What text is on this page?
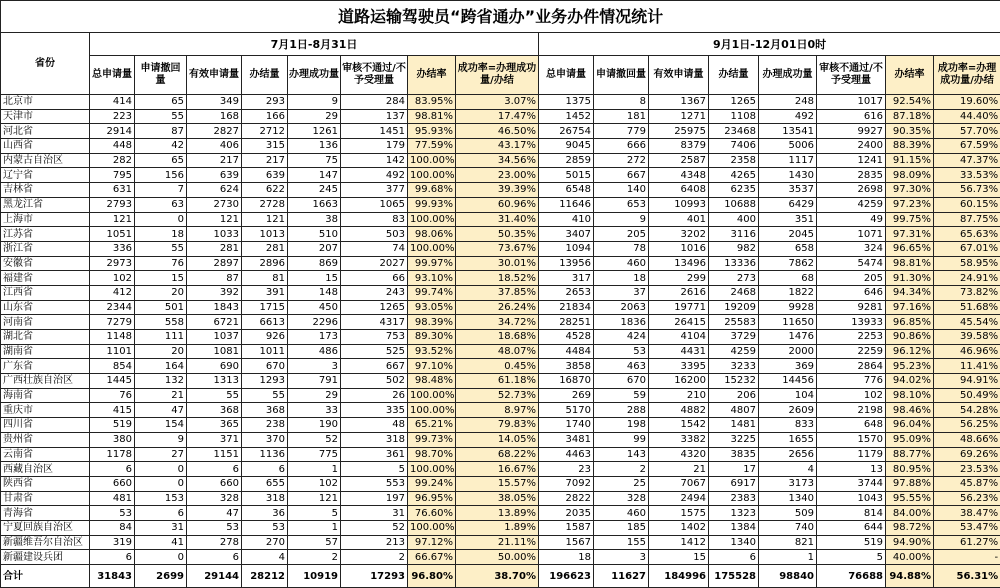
道路运输驾驶员“跨省通办”业务办件情况统计																
省份	7月1日-8月31日								9月1日-12月01日0时							
	总申请量	申请撤回量	有效申请量	办结量	办理成功量	审核不通过/不予受理量	办结率	成功率=办理成功量/办结	总申请量	申请撤回量	有效申请量	办结量	办理成功量	审核不通过/不予受理量	办结率	成功率=办理成功量/办结
北京市	414	65	349	293	9	284	83.95%	3.07%	1375	8	1367	1265	248	1017	92.54%	19.60%
天津市	223	55	168	166	29	137	98.81%	17.47%	1452	181	1271	1108	492	616	87.18%	44.40%
河北省	2914	87	2827	2712	1261	1451	95.93%	46.50%	26754	779	25975	23468	13541	9927	90.35%	57.70%
山西省	448	42	406	315	136	179	77.59%	43.17%	9045	666	8379	7406	5006	2400	88.39%	67.59%
内蒙古自治区	282	65	217	217	75	142	100.00%	34.56%	2859	272	2587	2358	1117	1241	91.15%	47.37%
辽宁省	795	156	639	639	147	492	100.00%	23.00%	5015	667	4348	4265	1430	2835	98.09%	33.53%
吉林省	631	7	624	622	245	377	99.68%	39.39%	6548	140	6408	6235	3537	2698	97.30%	56.73%
黑龙江省	2793	63	2730	2728	1663	1065	99.93%	60.96%	11646	653	10993	10688	6429	4259	97.23%	60.15%
上海市	121	0	121	121	38	83	100.00%	31.40%	410	9	401	400	351	49	99.75%	87.75%
江苏省	1051	18	1033	1013	510	503	98.06%	50.35%	3407	205	3202	3116	2045	1071	97.31%	65.63%
浙江省	336	55	281	281	207	74	100.00%	73.67%	1094	78	1016	982	658	324	96.65%	67.01%
安徽省	2973	76	2897	2896	869	2027	99.97%	30.01%	13956	460	13496	13336	7862	5474	98.81%	58.95%
福建省	102	15	87	81	15	66	93.10%	18.52%	317	18	299	273	68	205	91.30%	24.91%
江西省	412	20	392	391	148	243	99.74%	37.85%	2653	37	2616	2468	1822	646	94.34%	73.82%
山东省	2344	501	1843	1715	450	1265	93.05%	26.24%	21834	2063	19771	19209	9928	9281	97.16%	51.68%
河南省	7279	558	6721	6613	2296	4317	98.39%	34.72%	28251	1836	26415	25583	11650	13933	96.85%	45.54%
湖北省	1148	111	1037	926	173	753	89.30%	18.68%	4528	424	4104	3729	1476	2253	90.86%	39.58%
湖南省	1101	20	1081	1011	486	525	93.52%	48.07%	4484	53	4431	4259	2000	2259	96.12%	46.96%
广东省	854	164	690	670	3	667	97.10%	0.45%	3858	463	3395	3233	369	2864	95.23%	11.41%
广西壮族自治区	1445	132	1313	1293	791	502	98.48%	61.18%	16870	670	16200	15232	14456	776	94.02%	94.91%
海南省	76	21	55	55	29	26	100.00%	52.73%	269	59	210	206	104	102	98.10%	50.49%
重庆市	415	47	368	368	33	335	100.00%	8.97%	5170	288	4882	4807	2609	2198	98.46%	54.28%
四川省	519	154	365	238	190	48	65.21%	79.83%	1740	198	1542	1481	833	648	96.04%	56.25%
贵州省	380	9	371	370	52	318	99.73%	14.05%	3481	99	3382	3225	1655	1570	95.09%	48.66%
云南省	1178	27	1151	1136	775	361	98.70%	68.22%	4463	143	4320	3835	2656	1179	88.77%	69.26%
西藏自治区	6	0	6	6	1	5	100.00%	16.67%	23	2	21	17	4	13	80.95%	23.53%
陕西省	660	0	660	655	102	553	99.24%	15.57%	7092	25	7067	6917	3173	3744	97.88%	45.87%
甘肃省	481	153	328	318	121	197	96.95%	38.05%	2822	328	2494	2383	1340	1043	95.55%	56.23%
青海省	53	6	47	36	5	31	76.60%	13.89%	2035	460	1575	1323	509	814	84.00%	38.47%
宁夏回族自治区	84	31	53	53	1	52	100.00%	1.89%	1587	185	1402	1384	740	644	98.72%	53.47%
新疆维吾尔自治区	319	41	278	270	57	213	97.12%	21.11%	1567	155	1412	1340	821	519	94.90%	61.27%
新疆建设兵团	6	0	6	4	2	2	66.67%	50.00%	18	3	15	6	1	5	40.00%	-
合计	31843	2699	29144	28212	10919	17293	96.80%	38.70%	196623	11627	184996	175528	98840	76688	94.88%	56.31%
